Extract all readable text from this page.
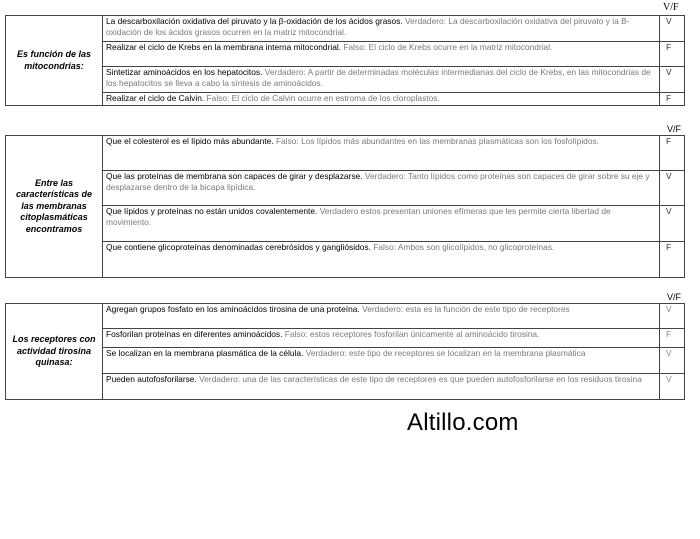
V/F
Es función de las mitocondrias:	La descarboxilación oxidativa del piruvato y la β-oxidación de los ácidos grasos. Verdadero: La descarboxilación oxidativa del piruvato y la B-oxidación de los ácidos grasos ocurren en la matriz mitocondrial.	V
	Realizar el ciclo de Krebs en la membrana interna mitocondrial. Falso: El ciclo de Krebs ocurre en la matriz mitocondrial.	F
	Sintetizar aminoácidos en los hepatocitos. Verdadero: A partir de determinadas moléculas intermedianas del ciclo de Krebs, en las mitocondrias de los hepatocitos se lleva a cabo la síntesis de aminoácidos.	V
	Realizar el ciclo de Calvin. Falso: El ciclo de Calvin ocurre en estroma de los cloroplastos.	F
V/F
Entre las características de las membranas citoplasmáticas encontramos	Que el colesterol es el lípido más abundante. Falso: Los lípidos más abundantes en las membranas plasmáticas son los fosfolípidos.	F
	Que las proteínas de membrana son capaces de girar y desplazarse. Verdadero: Tanto lípidos como proteínas son capaces de girar sobre su eje y desplazarse dentro de la bicapa lipídica.	V
	Que lípidos y proteínas no están unidos covalentemente. Verdadero estos presentan uniones efímeras que les permite cierta libertad de movimiento.	V
	Que contiene glicoproteínas denominadas cerebrósidos y gangliósidos. Falso: Ambos son glicolípidos, no glicoproteínas.	F
V/F
Los receptores con actividad tirosina quinasa:	Agregan grupos fosfato en los aminoácidos tirosina de una proteína. Verdadero: esta es la función de este tipo de receptores	V
	Fosforilan proteínas en diferentes aminoácidos. Falso: estos receptores fosforilan únicamente al aminoácido tirosina.	F
	Se localizan en la membrana plasmática de la célula. Verdadero: este tipo de receptores se localizan en la membrana plasmática	V
	Pueden autofosforilarse. Verdadero: una de las características de este tipo de receptores es que pueden autofosforilarse en los residuos tirosina	V
Altillo.com
